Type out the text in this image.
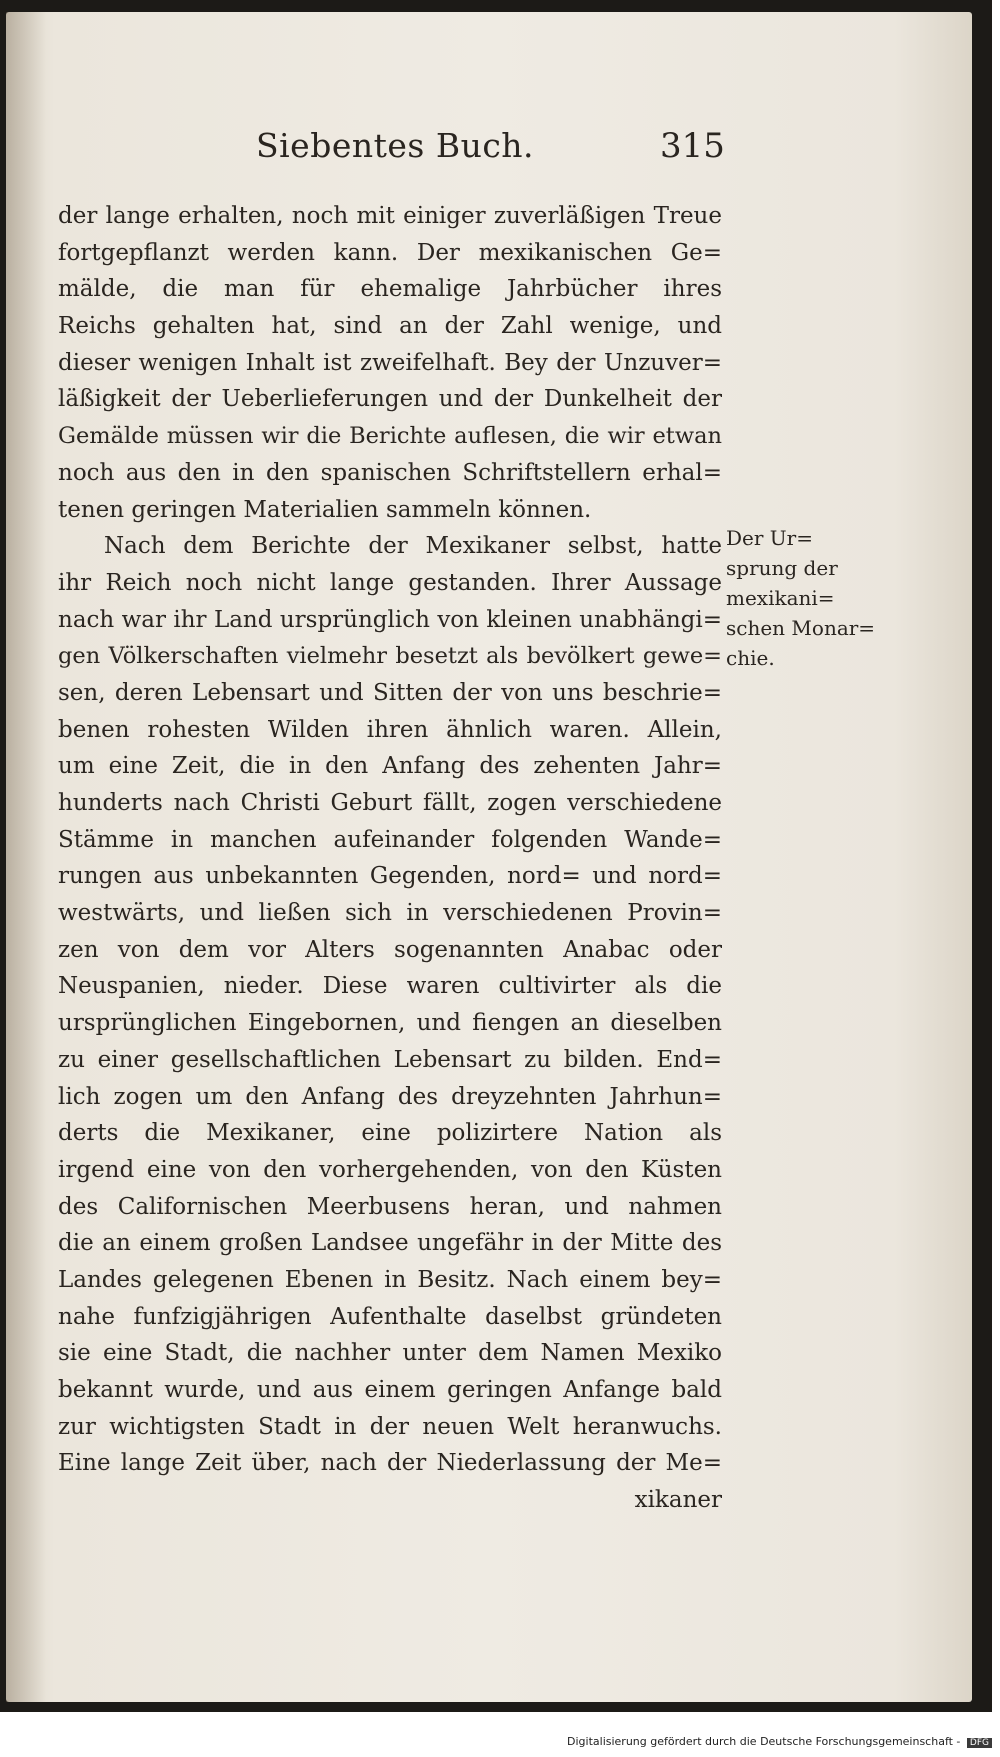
Siebentes Buch.	315
der lange erhalten, noch mit einiger zuverläßigen Treue
fortgepflanzt werden kann. Der mexikanischen Ge=
mälde, die man für ehemalige Jahrbücher ihres
Reichs gehalten hat, sind an der Zahl wenige, und
dieser wenigen Inhalt ist zweifelhaft. Bey der Unzuver=
läßigkeit der Ueberlieferungen und der Dunkelheit der
Gemälde müssen wir die Berichte auflesen, die wir etwan
noch aus den in den spanischen Schriftstellern erhal=
tenen geringen Materialien sammeln können.
Nach dem Berichte der Mexikaner selbst, hatte
ihr Reich noch nicht lange gestanden. Ihrer Aussage
nach war ihr Land ursprünglich von kleinen unabhängi=
gen Völkerschaften vielmehr besetzt als bevölkert gewe=
sen, deren Lebensart und Sitten der von uns beschrie=
benen rohesten Wilden ihren ähnlich waren. Allein,
um eine Zeit, die in den Anfang des zehenten Jahr=
hunderts nach Christi Geburt fällt, zogen verschiedene
Stämme in manchen aufeinander folgenden Wande=
rungen aus unbekannten Gegenden, nord= und nord=
westwärts, und ließen sich in verschiedenen Provin=
zen von dem vor Alters sogenannten Anabac oder
Neuspanien, nieder. Diese waren cultivirter als die
ursprünglichen Eingebornen, und fiengen an dieselben
zu einer gesellschaftlichen Lebensart zu bilden. End=
lich zogen um den Anfang des dreyzehnten Jahrhun=
derts die Mexikaner, eine polizirtere Nation als
irgend eine von den vorhergehenden, von den Küsten
des Californischen Meerbusens heran, und nahmen
die an einem großen Landsee ungefähr in der Mitte des
Landes gelegenen Ebenen in Besitz. Nach einem bey=
nahe funfzigjährigen Aufenthalte daselbst gründeten
sie eine Stadt, die nachher unter dem Namen Mexiko
bekannt wurde, und aus einem geringen Anfange bald
zur wichtigsten Stadt in der neuen Welt heranwuchs.
Eine lange Zeit über, nach der Niederlassung der Me=
xikaner
Der Ur=
sprung der
mexikani=
schen Monar=
chie.
Digitalisierung gefördert durch die Deutsche Forschungsgemeinschaft - DFG
